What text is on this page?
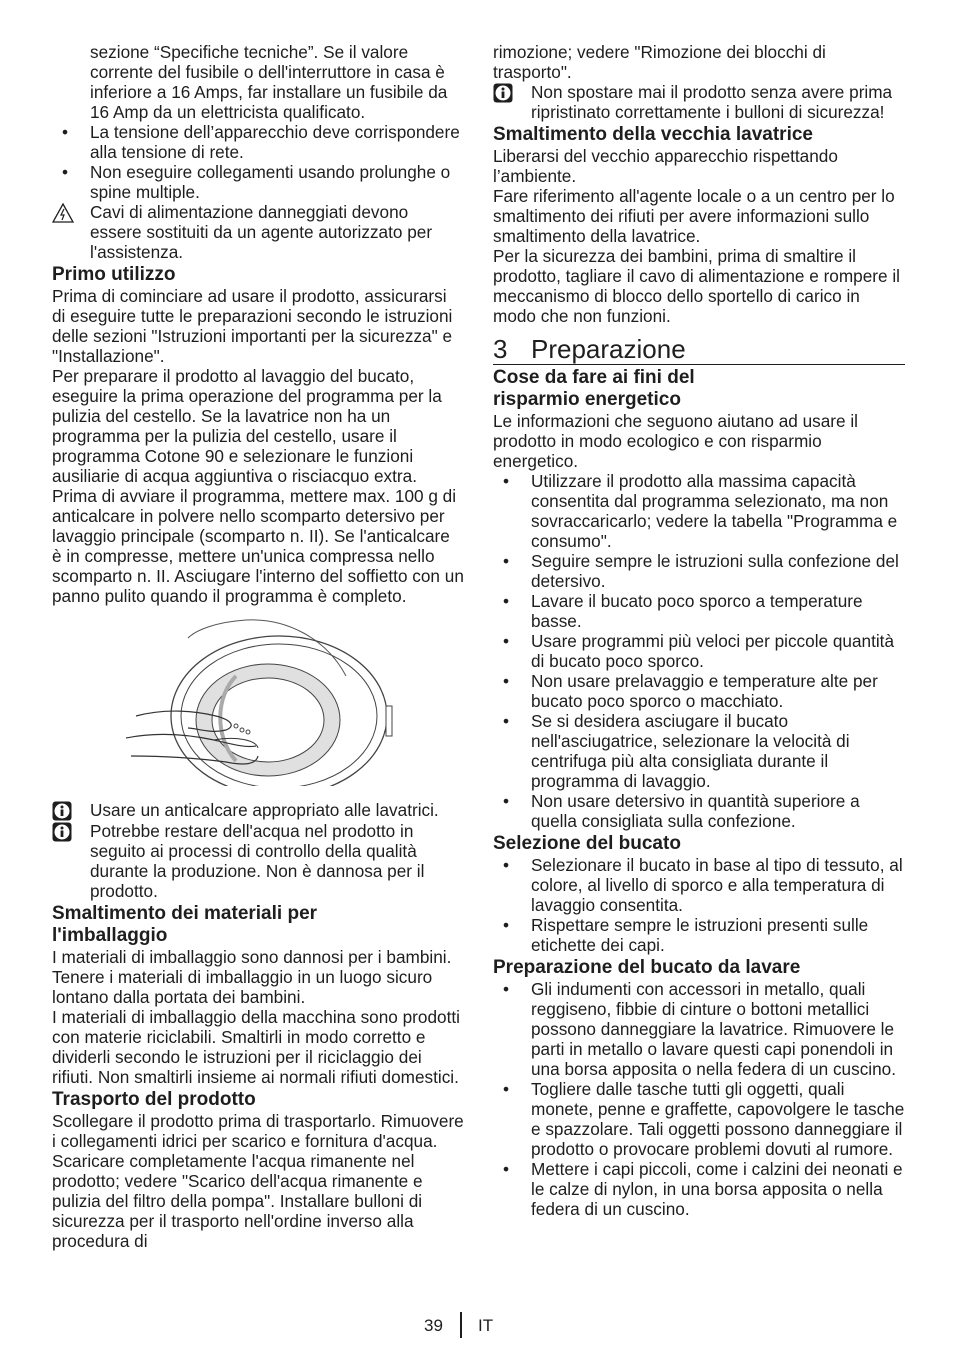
sezione “Specifiche tecniche”. Se il valore corrente del fusibile o dell'interruttore in casa è inferiore a 16 Amps, far installare un fusibile da 16 Amp da un elettricista qualificato.

•	La tensione dell’apparecchio deve corrispondere alla tensione di rete.
•	Non eseguire collegamenti usando prolunghe o spine multiple.
Cavi di alimentazione danneggiati devono essere sostituiti da un agente autorizzato per l'assistenza.

Primo utilizzo

Prima di cominciare ad usare il prodotto, assicurarsi di eseguire tutte le preparazioni secondo le istruzioni delle sezioni "Istruzioni importanti per la sicurezza" e "Installazione".

Per preparare il prodotto al lavaggio del bucato, eseguire la prima operazione del programma per la pulizia del cestello. Se la lavatrice non ha un programma per la pulizia del cestello, usare il programma Cotone 90 e selezionare le funzioni ausiliarie di acqua aggiuntiva o risciacquo extra. Prima di avviare il programma, mettere max. 100 g di anticalcare in polvere nello scomparto detersivo per lavaggio principale (scomparto n. II). Se l'anticalcare è in compresse, mettere un'unica compressa nello scomparto n. II. Asciugare l'interno del soffietto con un panno pulito quando il programma è completo.

Usare un anticalcare appropriato alle lavatrici.
Potrebbe restare dell'acqua nel prodotto in seguito ai processi di controllo della qualità durante la produzione. Non è dannosa per il prodotto.

Smaltimento dei materiali per l'imballaggio

I materiali di imballaggio sono dannosi per i bambini. Tenere i materiali di imballaggio in un luogo sicuro lontano dalla portata dei bambini.

I materiali di imballaggio della macchina sono prodotti con materie riciclabili. Smaltirli in modo corretto e dividerli secondo le istruzioni per il riciclaggio dei rifiuti. Non smaltirli insieme ai normali rifiuti domestici.

Trasporto del prodotto

Scollegare il prodotto prima di trasportarlo. Rimuovere i collegamenti idrici per scarico e fornitura d'acqua. Scaricare completamente l'acqua rimanente nel prodotto; vedere "Scarico dell'acqua rimanente e pulizia del filtro della pompa". Installare bulloni di sicurezza per il trasporto nell'ordine inverso alla procedura di

rimozione; vedere "Rimozione dei blocchi di trasporto".

Non spostare mai il prodotto senza avere prima ripristinato correttamente i bulloni di sicurezza!

Smaltimento della vecchia lavatrice

Liberarsi del vecchio apparecchio rispettando l’ambiente.

Fare riferimento all'agente locale o a un centro per lo smaltimento dei rifiuti per avere informazioni sullo smaltimento della lavatrice.

Per la sicurezza dei bambini, prima di smaltire il prodotto, tagliare il cavo di alimentazione e rompere il meccanismo di blocco dello sportello di carico in modo che non funzioni.

3 Preparazione

Cose da fare ai fini del risparmio energetico

Le informazioni che seguono aiutano ad usare il prodotto in modo ecologico e con risparmio energetico.

•	Utilizzare il prodotto alla massima capacità consentita dal programma selezionato, ma non sovraccaricarlo; vedere la tabella "Programma e consumo".
•	Seguire sempre le istruzioni sulla confezione del detersivo.
•	Lavare il bucato poco sporco a temperature basse.
•	Usare programmi più veloci per piccole quantità di bucato poco sporco.
•	Non usare prelavaggio e temperature alte per bucato poco sporco o macchiato.
•	Se si desidera asciugare il bucato nell'asciugatrice, selezionare la velocità di centrifuga più alta consigliata durante il programma di lavaggio.
•	Non usare detersivo in quantità superiore a quella consigliata sulla confezione.

Selezione del bucato

•	Selezionare il bucato in base al tipo di tessuto, al colore, al livello di sporco e alla temperatura di lavaggio consentita.
•	Rispettare sempre le istruzioni presenti sulle etichette dei capi.

Preparazione del bucato da lavare

•	Gli indumenti con accessori in metallo, quali reggiseno, fibbie di cinture o bottoni metallici possono danneggiare la lavatrice. Rimuovere le parti in metallo o lavare questi capi ponendoli in una borsa apposita o nella federa di un cuscino.
•	Togliere dalle tasche tutti gli oggetti, quali monete, penne e graffette, capovolgere le tasche e spazzolare. Tali oggetti possono danneggiare il prodotto o provocare problemi dovuti al rumore.
•	Mettere i capi piccoli, come i calzini dei neonati e le calze di nylon, in una borsa apposita o nella federa di un cuscino.
39 IT
